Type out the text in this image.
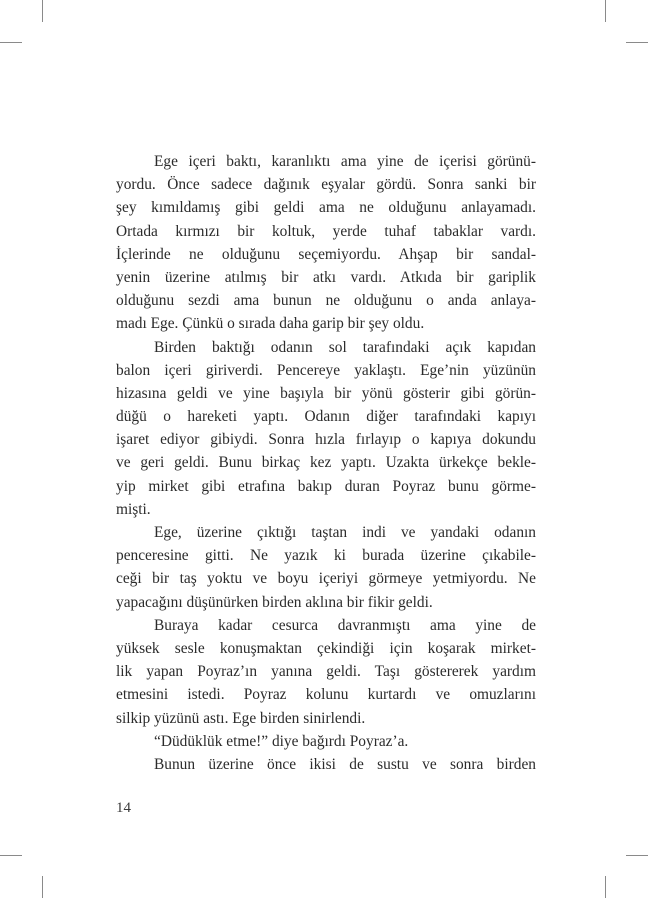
Ege içeri baktı, karanlıktı ama yine de içerisi görünü-
yordu. Önce sadece dağınık eşyalar gördü. Sonra sanki bir
şey kımıldamış gibi geldi ama ne olduğunu anlayamadı.
Ortada kırmızı bir koltuk, yerde tuhaf tabaklar vardı.
İçlerinde ne olduğunu seçemiyordu. Ahşap bir sandal-
yenin üzerine atılmış bir atkı vardı. Atkıda bir gariplik
olduğunu sezdi ama bunun ne olduğunu o anda anlaya-
madı Ege. Çünkü o sırada daha garip bir şey oldu.
Birden baktığı odanın sol tarafındaki açık kapıdan
balon içeri giriverdi. Pencereye yaklaştı. Ege’nin yüzünün
hizasına geldi ve yine başıyla bir yönü gösterir gibi görün-
düğü o hareketi yaptı. Odanın diğer tarafındaki kapıyı
işaret ediyor gibiydi. Sonra hızla fırlayıp o kapıya dokundu
ve geri geldi. Bunu birkaç kez yaptı. Uzakta ürkekçe bekle-
yip mirket gibi etrafına bakıp duran Poyraz bunu görme-
mişti.
Ege, üzerine çıktığı taştan indi ve yandaki odanın
penceresine gitti. Ne yazık ki burada üzerine çıkabile-
ceği bir taş yoktu ve boyu içeriyi görmeye yetmiyordu. Ne
yapacağını düşünürken birden aklına bir fikir geldi.
Buraya kadar cesurca davranmıştı ama yine de
yüksek sesle konuşmaktan çekindiği için koşarak mirket-
lik yapan Poyraz’ın yanına geldi. Taşı göstererek yardım
etmesini istedi. Poyraz kolunu kurtardı ve omuzlarını
silkip yüzünü astı. Ege birden sinirlendi.
“Düdüklük etme!” diye bağırdı Poyraz’a.
Bunun üzerine önce ikisi de sustu ve sonra birden
14
